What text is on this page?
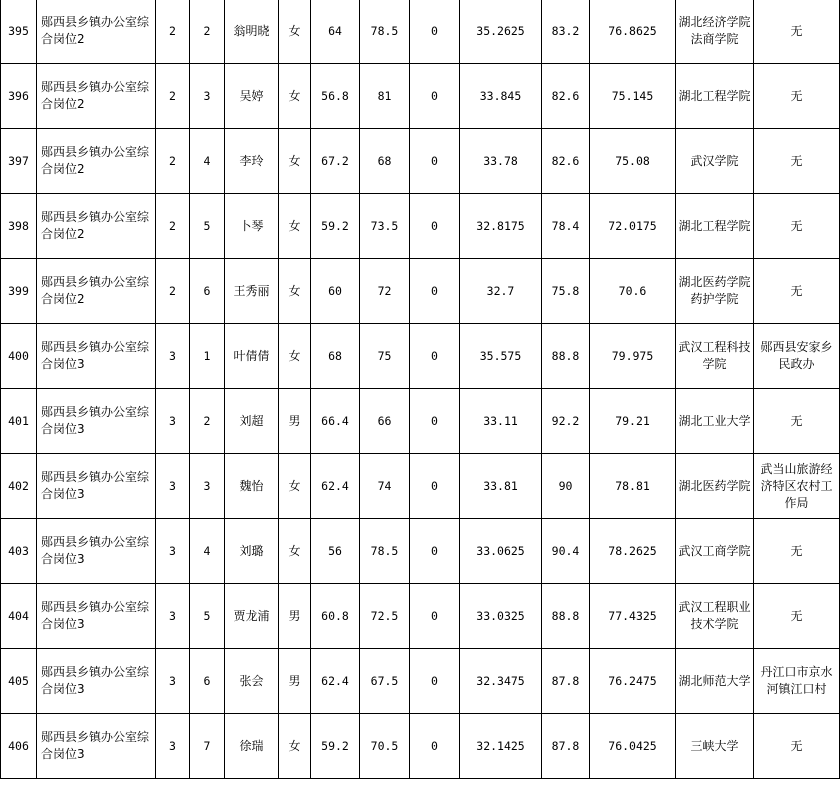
395	郧西县乡镇办公室综合岗位2	2	2	翁明晓	女	64	78.5	0	35.2625	83.2	76.8625	湖北经济学院法商学院	无
396	郧西县乡镇办公室综合岗位2	2	3	吴婷	女	56.8	81	0	33.845	82.6	75.145	湖北工程学院	无
397	郧西县乡镇办公室综合岗位2	2	4	李玲	女	67.2	68	0	33.78	82.6	75.08	武汉学院	无
398	郧西县乡镇办公室综合岗位2	2	5	卜琴	女	59.2	73.5	0	32.8175	78.4	72.0175	湖北工程学院	无
399	郧西县乡镇办公室综合岗位2	2	6	王秀丽	女	60	72	0	32.7	75.8	70.6	湖北医药学院药护学院	无
400	郧西县乡镇办公室综合岗位3	3	1	叶倩倩	女	68	75	0	35.575	88.8	79.975	武汉工程科技学院	郧西县安家乡民政办
401	郧西县乡镇办公室综合岗位3	3	2	刘超	男	66.4	66	0	33.11	92.2	79.21	湖北工业大学	无
402	郧西县乡镇办公室综合岗位3	3	3	魏怡	女	62.4	74	0	33.81	90	78.81	湖北医药学院	武当山旅游经济特区农村工作局
403	郧西县乡镇办公室综合岗位3	3	4	刘璐	女	56	78.5	0	33.0625	90.4	78.2625	武汉工商学院	无
404	郧西县乡镇办公室综合岗位3	3	5	贾龙浦	男	60.8	72.5	0	33.0325	88.8	77.4325	武汉工程职业技术学院	无
405	郧西县乡镇办公室综合岗位3	3	6	张会	男	62.4	67.5	0	32.3475	87.8	76.2475	湖北师范大学	丹江口市京水河镇江口村
406	郧西县乡镇办公室综合岗位3	3	7	徐瑞	女	59.2	70.5	0	32.1425	87.8	76.0425	三峡大学	无
